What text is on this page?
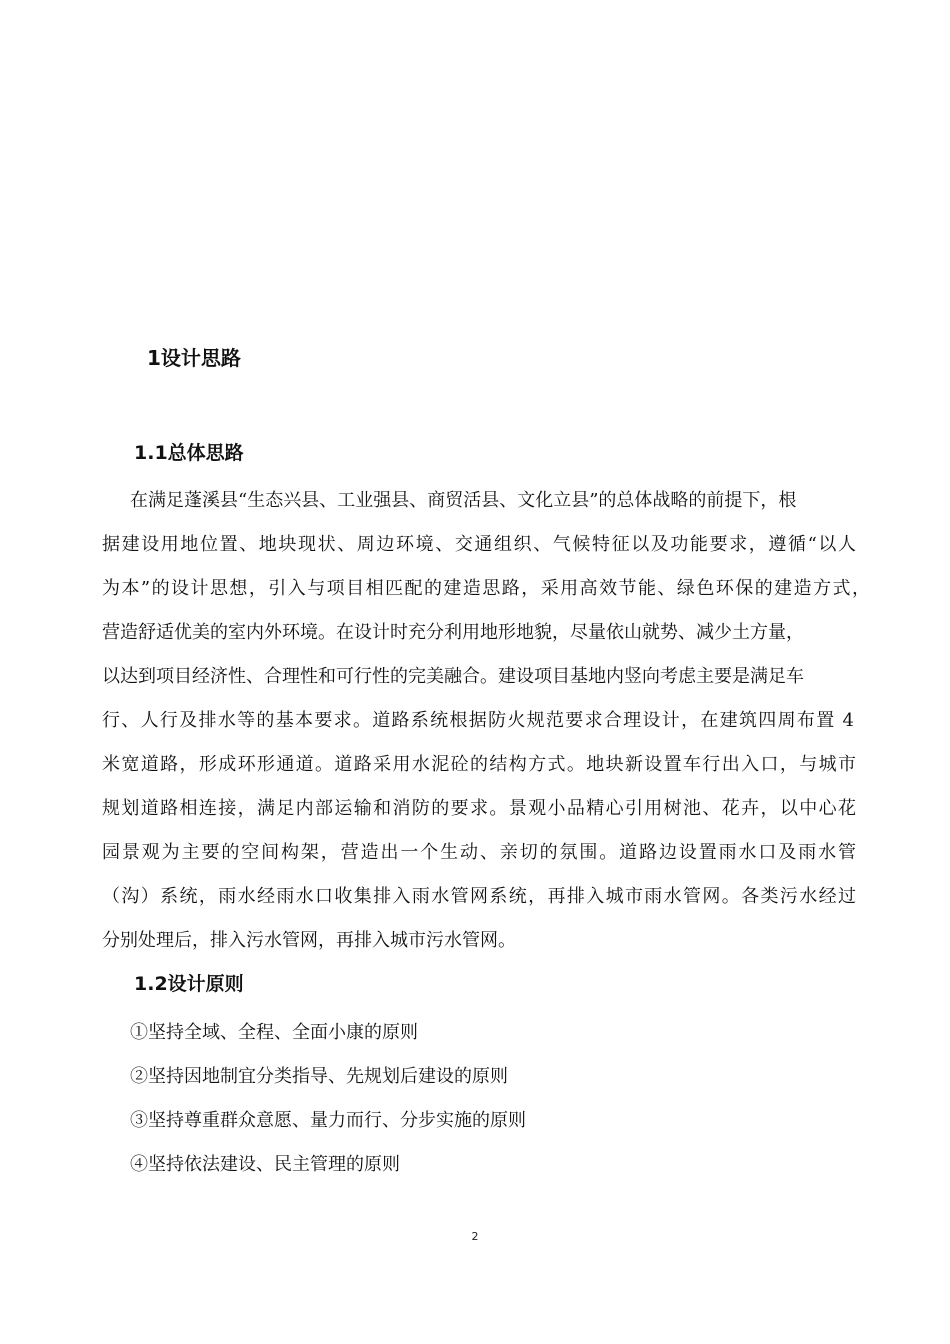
1设计思路
1.1总体思路
在满足蓬溪县“生态兴县、工业强县、商贸活县、文化立县”的总体战略的前提下，根
据建设用地位置、地块现状、周边环境、交通组织、气候特征以及功能要求，遵循“以人
为本”的设计思想，引入与项目相匹配的建造思路，采用高效节能、绿色环保的建造方式，
营造舒适优美的室内外环境。在设计时充分利用地形地貌，尽量依山就势、减少土方量，
以达到项目经济性、合理性和可行性的完美融合。建设项目基地内竖向考虑主要是满足车
行、人行及排水等的基本要求。道路系统根据防火规范要求合理设计，在建筑四周布置 4
米宽道路，形成环形通道。道路采用水泥砼的结构方式。地块新设置车行出入口，与城市
规划道路相连接，满足内部运输和消防的要求。景观小品精心引用树池、花卉，以中心花
园景观为主要的空间构架，营造出一个生动、亲切的氛围。道路边设置雨水口及雨水管
（沟）系统，雨水经雨水口收集排入雨水管网系统，再排入城市雨水管网。各类污水经过
分别处理后，排入污水管网，再排入城市污水管网。
1.2设计原则
①坚持全域、全程、全面小康的原则
②坚持因地制宜分类指导、先规划后建设的原则
③坚持尊重群众意愿、量力而行、分步实施的原则
④坚持依法建设、民主管理的原则
2
